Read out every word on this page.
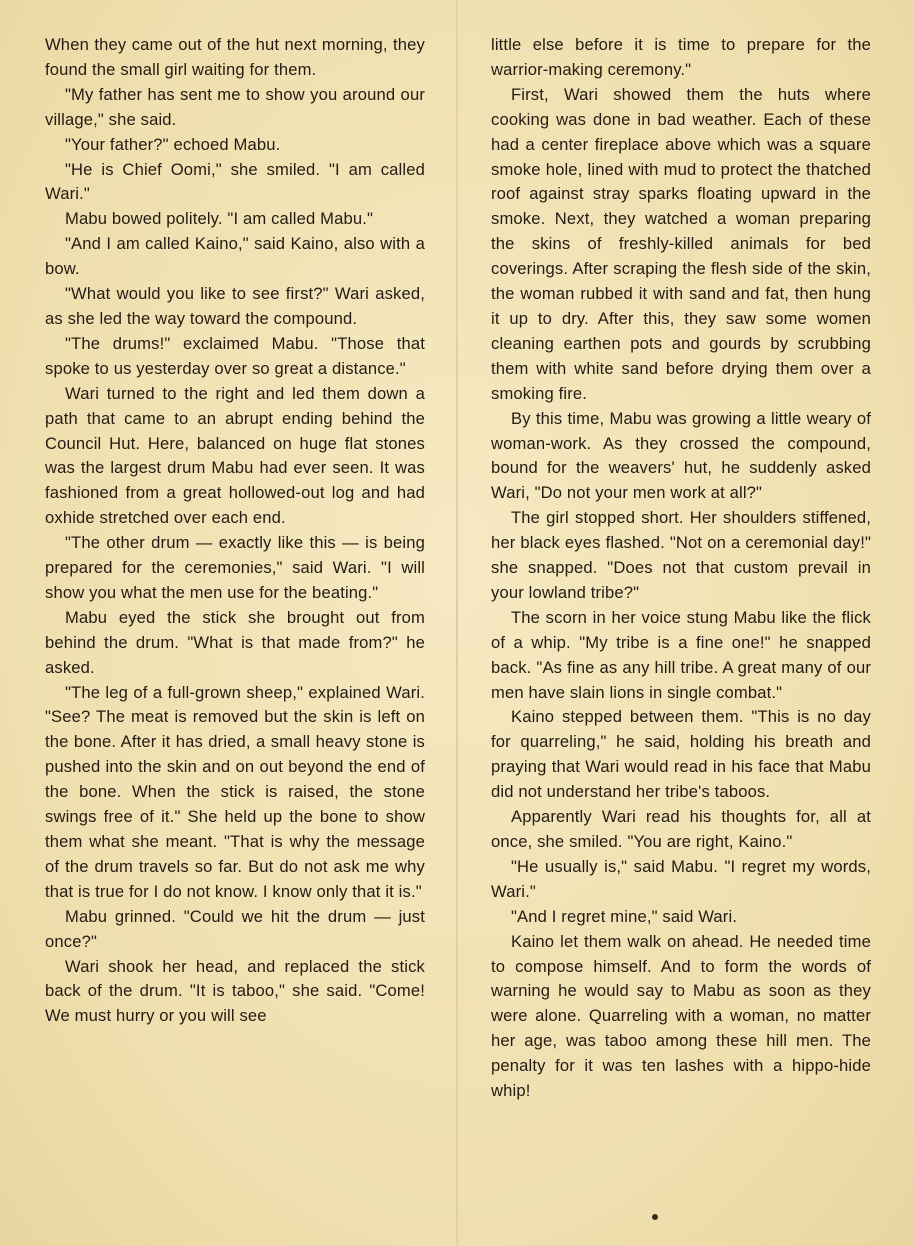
When they came out of the hut next morning, they found the small girl waiting for them.

"My father has sent me to show you around our village," she said.

"Your father?" echoed Mabu.

"He is Chief Oomi," she smiled. "I am called Wari."

Mabu bowed politely. "I am called Mabu."

"And I am called Kaino," said Kaino, also with a bow.

"What would you like to see first?" Wari asked, as she led the way toward the compound.

"The drums!" exclaimed Mabu. "Those that spoke to us yesterday over so great a distance."

Wari turned to the right and led them down a path that came to an abrupt ending behind the Council Hut. Here, balanced on huge flat stones was the largest drum Mabu had ever seen. It was fashioned from a great hollowed-out log and had oxhide stretched over each end.

"The other drum — exactly like this — is being prepared for the ceremonies," said Wari. "I will show you what the men use for the beating."

Mabu eyed the stick she brought out from behind the drum. "What is that made from?" he asked.

"The leg of a full-grown sheep," explained Wari. "See? The meat is removed but the skin is left on the bone. After it has dried, a small heavy stone is pushed into the skin and on out beyond the end of the bone. When the stick is raised, the stone swings free of it." She held up the bone to show them what she meant. "That is why the message of the drum travels so far. But do not ask me why that is true for I do not know. I know only that it is."

Mabu grinned. "Could we hit the drum — just once?"

Wari shook her head, and replaced the stick back of the drum. "It is taboo," she said. "Come! We must hurry or you will see

little else before it is time to prepare for the warrior-making ceremony."

First, Wari showed them the huts where cooking was done in bad weather. Each of these had a center fireplace above which was a square smoke hole, lined with mud to protect the thatched roof against stray sparks floating upward in the smoke. Next, they watched a woman preparing the skins of freshly-killed animals for bed coverings. After scraping the flesh side of the skin, the woman rubbed it with sand and fat, then hung it up to dry. After this, they saw some women cleaning earthen pots and gourds by scrubbing them with white sand before drying them over a smoking fire.

By this time, Mabu was growing a little weary of woman-work. As they crossed the compound, bound for the weavers' hut, he suddenly asked Wari, "Do not your men work at all?"

The girl stopped short. Her shoulders stiffened, her black eyes flashed. "Not on a ceremonial day!" she snapped. "Does not that custom prevail in your lowland tribe?"

The scorn in her voice stung Mabu like the flick of a whip. "My tribe is a fine one!" he snapped back. "As fine as any hill tribe. A great many of our men have slain lions in single combat."

Kaino stepped between them. "This is no day for quarreling," he said, holding his breath and praying that Wari would read in his face that Mabu did not understand her tribe's taboos.

Apparently Wari read his thoughts for, all at once, she smiled. "You are right, Kaino."

"He usually is," said Mabu. "I regret my words, Wari."

"And I regret mine," said Wari.

Kaino let them walk on ahead. He needed time to compose himself. And to form the words of warning he would say to Mabu as soon as they were alone. Quarreling with a woman, no matter her age, was taboo among these hill men. The penalty for it was ten lashes with a hippo-hide whip!
